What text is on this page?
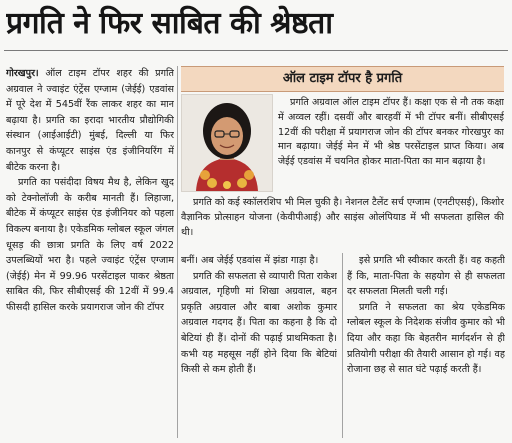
प्रगति ने फिर साबित की श्रेष्ठता

गोरखपुर। ऑल टाइम टॉपर शहर की प्रगति अग्रवाल ने ज्वाइंट एंट्रेंस एग्जाम (जेईई) एडवांस में पूरे देश में 545वीं रैंक लाकर शहर का मान बढ़ाया है। प्रगति का इरादा भारतीय प्रौद्योगिकी संस्थान (आईआईटी) मुंबई, दिल्ली या फिर कानपुर से कंप्यूटर साइंस एंड इंजीनियरिंग में बीटेक करना है।

प्रगति का पसंदीदा विषय मैथ है, लेकिन खुद को टेक्नोलॉजी के करीब मानती हैं। लिहाजा, बीटेक में कंप्यूटर साइंस एंड इंजीनियर को पहला विकल्प बनाया है। एकेडमिक ग्लोबल स्कूल जंगल धूसड़ की छात्रा प्रगति के लिए वर्ष 2022 उपलब्धियों भरा है। पहले ज्वाइंट एंट्रेंस एग्जाम (जेईई) मेन में 99.96 परसेंटाइल पाकर श्रेष्ठता साबित की, फिर सीबीएसई की 12वीं में 99.4 फीसदी हासिल करके प्रयागराज जोन की टॉपर

ऑल टाइम टॉपर है प्रगति

प्रगति अग्रवाल ऑल टाइम टॉपर हैं। कक्षा एक से नौ तक कक्षा में अव्वल रहीं। दसवीं और बारहवीं में भी टॉपर बनीं। सीबीएसई 12वीं की परीक्षा में प्रयागराज जोन की टॉपर बनकर गोरखपुर का मान बढ़ाया। जेईई मेन में भी श्रेष्ठ परसेंटाइल प्राप्त किया। अब जेईई एडवांस में चयनित होकर माता-पिता का मान बढ़ाया है।

प्रगति को कई स्कॉलरशिप भी मिल चुकी है। नेशनल टैलेंट सर्च एग्जाम (एनटीएसई), किशोर वैज्ञानिक प्रोत्साहन योजना (केवीपीआई) और साइंस ओलंपियाड में भी सफलता हासिल की थी।

बनीं। अब जेईई एडवांस में झंडा गाड़ा है।

प्रगति की सफलता से व्यापारी पिता राकेश अग्रवाल, गृहिणी मां शिखा अग्रवाल, बहन प्रकृति अग्रवाल और बाबा अशोक कुमार अग्रवाल गदगद हैं। पिता का कहना है कि दो बेटियां ही हैं। दोनों की पढ़ाई प्राथमिकता है। कभी यह महसूस नहीं होने दिया कि बेटियां किसी से कम होती हैं।

इसे प्रगति भी स्वीकार करती हैं। वह कहती हैं कि, माता-पिता के सहयोग से ही सफलता दर सफलता मिलती चली गई।

प्रगति ने सफलता का श्रेय एकेडमिक ग्लोबल स्कूल के निदेशक संजीव कुमार को भी दिया और कहा कि बेहतरीन मार्गदर्शन से ही प्रतियोगी परीक्षा की तैयारी आसान हो गई। वह रोजाना छह से सात घंटे पढ़ाई करती हैं।
